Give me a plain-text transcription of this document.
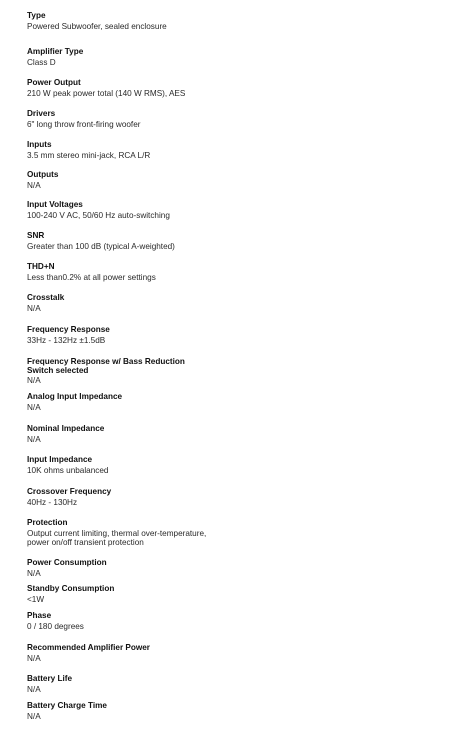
Type
Powered Subwoofer, sealed enclosure
Amplifier Type
Class D
Power Output
210 W peak power total (140 W RMS), AES
Drivers
6" long throw front-firing woofer
Inputs
3.5 mm stereo mini-jack, RCA L/R
Outputs
N/A
Input Voltages
100-240 V AC, 50/60 Hz auto-switching
SNR
Greater than 100 dB (typical A-weighted)
THD+N
Less than0.2% at all power settings
Crosstalk
N/A
Frequency Response
33Hz - 132Hz ±1.5dB
Frequency Response w/ Bass Reduction Switch selected
N/A
Analog Input Impedance
N/A
Nominal Impedance
N/A
Input Impedance
10K ohms unbalanced
Crossover Frequency
40Hz - 130Hz
Protection
Output current limiting, thermal over-temperature, power on/off transient protection
Power Consumption
N/A
Standby Consumption
<1W
Phase
0 / 180 degrees
Recommended Amplifier Power
N/A
Battery Life
N/A
Battery Charge Time
N/A
